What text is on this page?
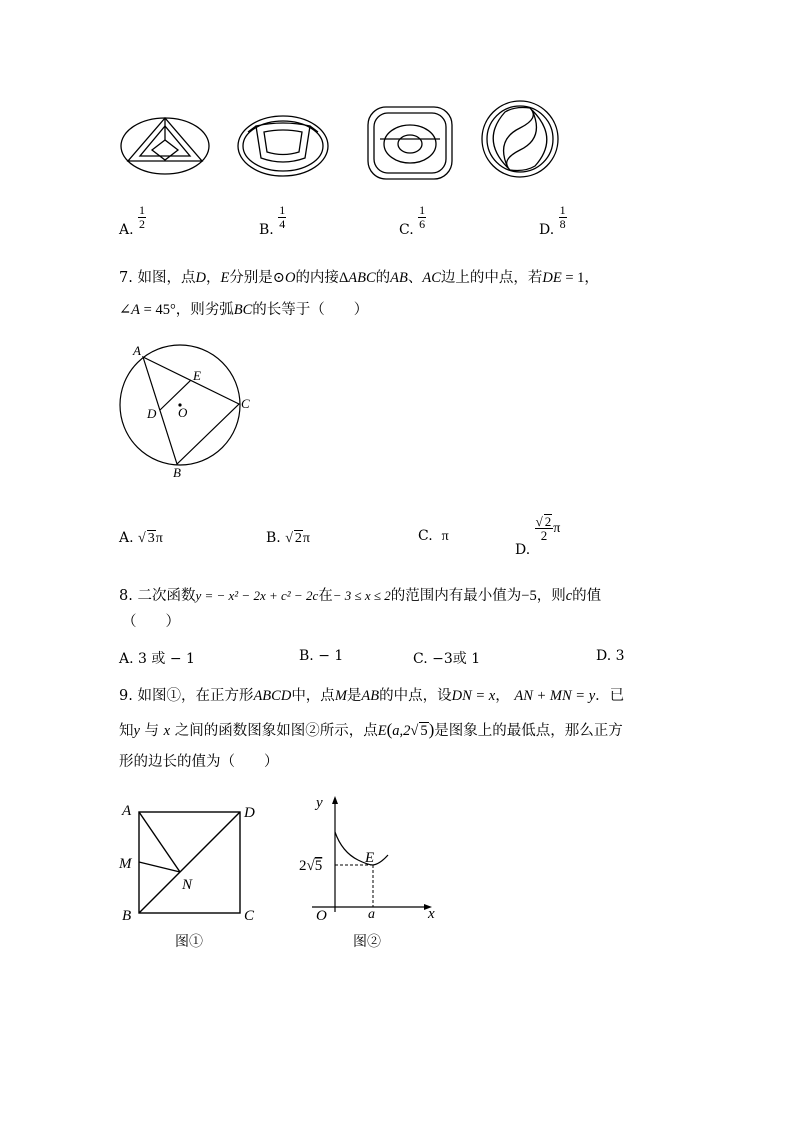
A. $\frac{1}{2}$	B. $\frac{1}{4}$	C. $\frac{1}{6}$	D. $\frac{1}{8}$
7. 如图，点D，E分别是⊙O的内接ΔABC的AB、AC边上的中点，若DE = 1，
∠A = 45°，则劣弧BC的长等于（　　）
A
B
C
D
E
O
A. √ 3π	B. √ 2π	C. π
D.
$\frac{√ 2}{2}$ π
8. 二次函数y = − x² − 2x + c² − 2c在− 3 ≤ x ≤ 2的范围内有最小值为−5，则c的值
（　　）
A. 3 或 − 1	B. − 1	C. −3或 1	D. 3
9. 如图①，在正方形ABCD中，点M是AB的中点，设DN = x， AN + MN = y．已
知y 与 x 之间的函数图象如图②所示，点E(a,2√ 5)是图象上的最低点，那么正方
形的边长的值为（　　）
A	D
M
N
B	C
图①
y
x
O	a
E
2√5
图②
